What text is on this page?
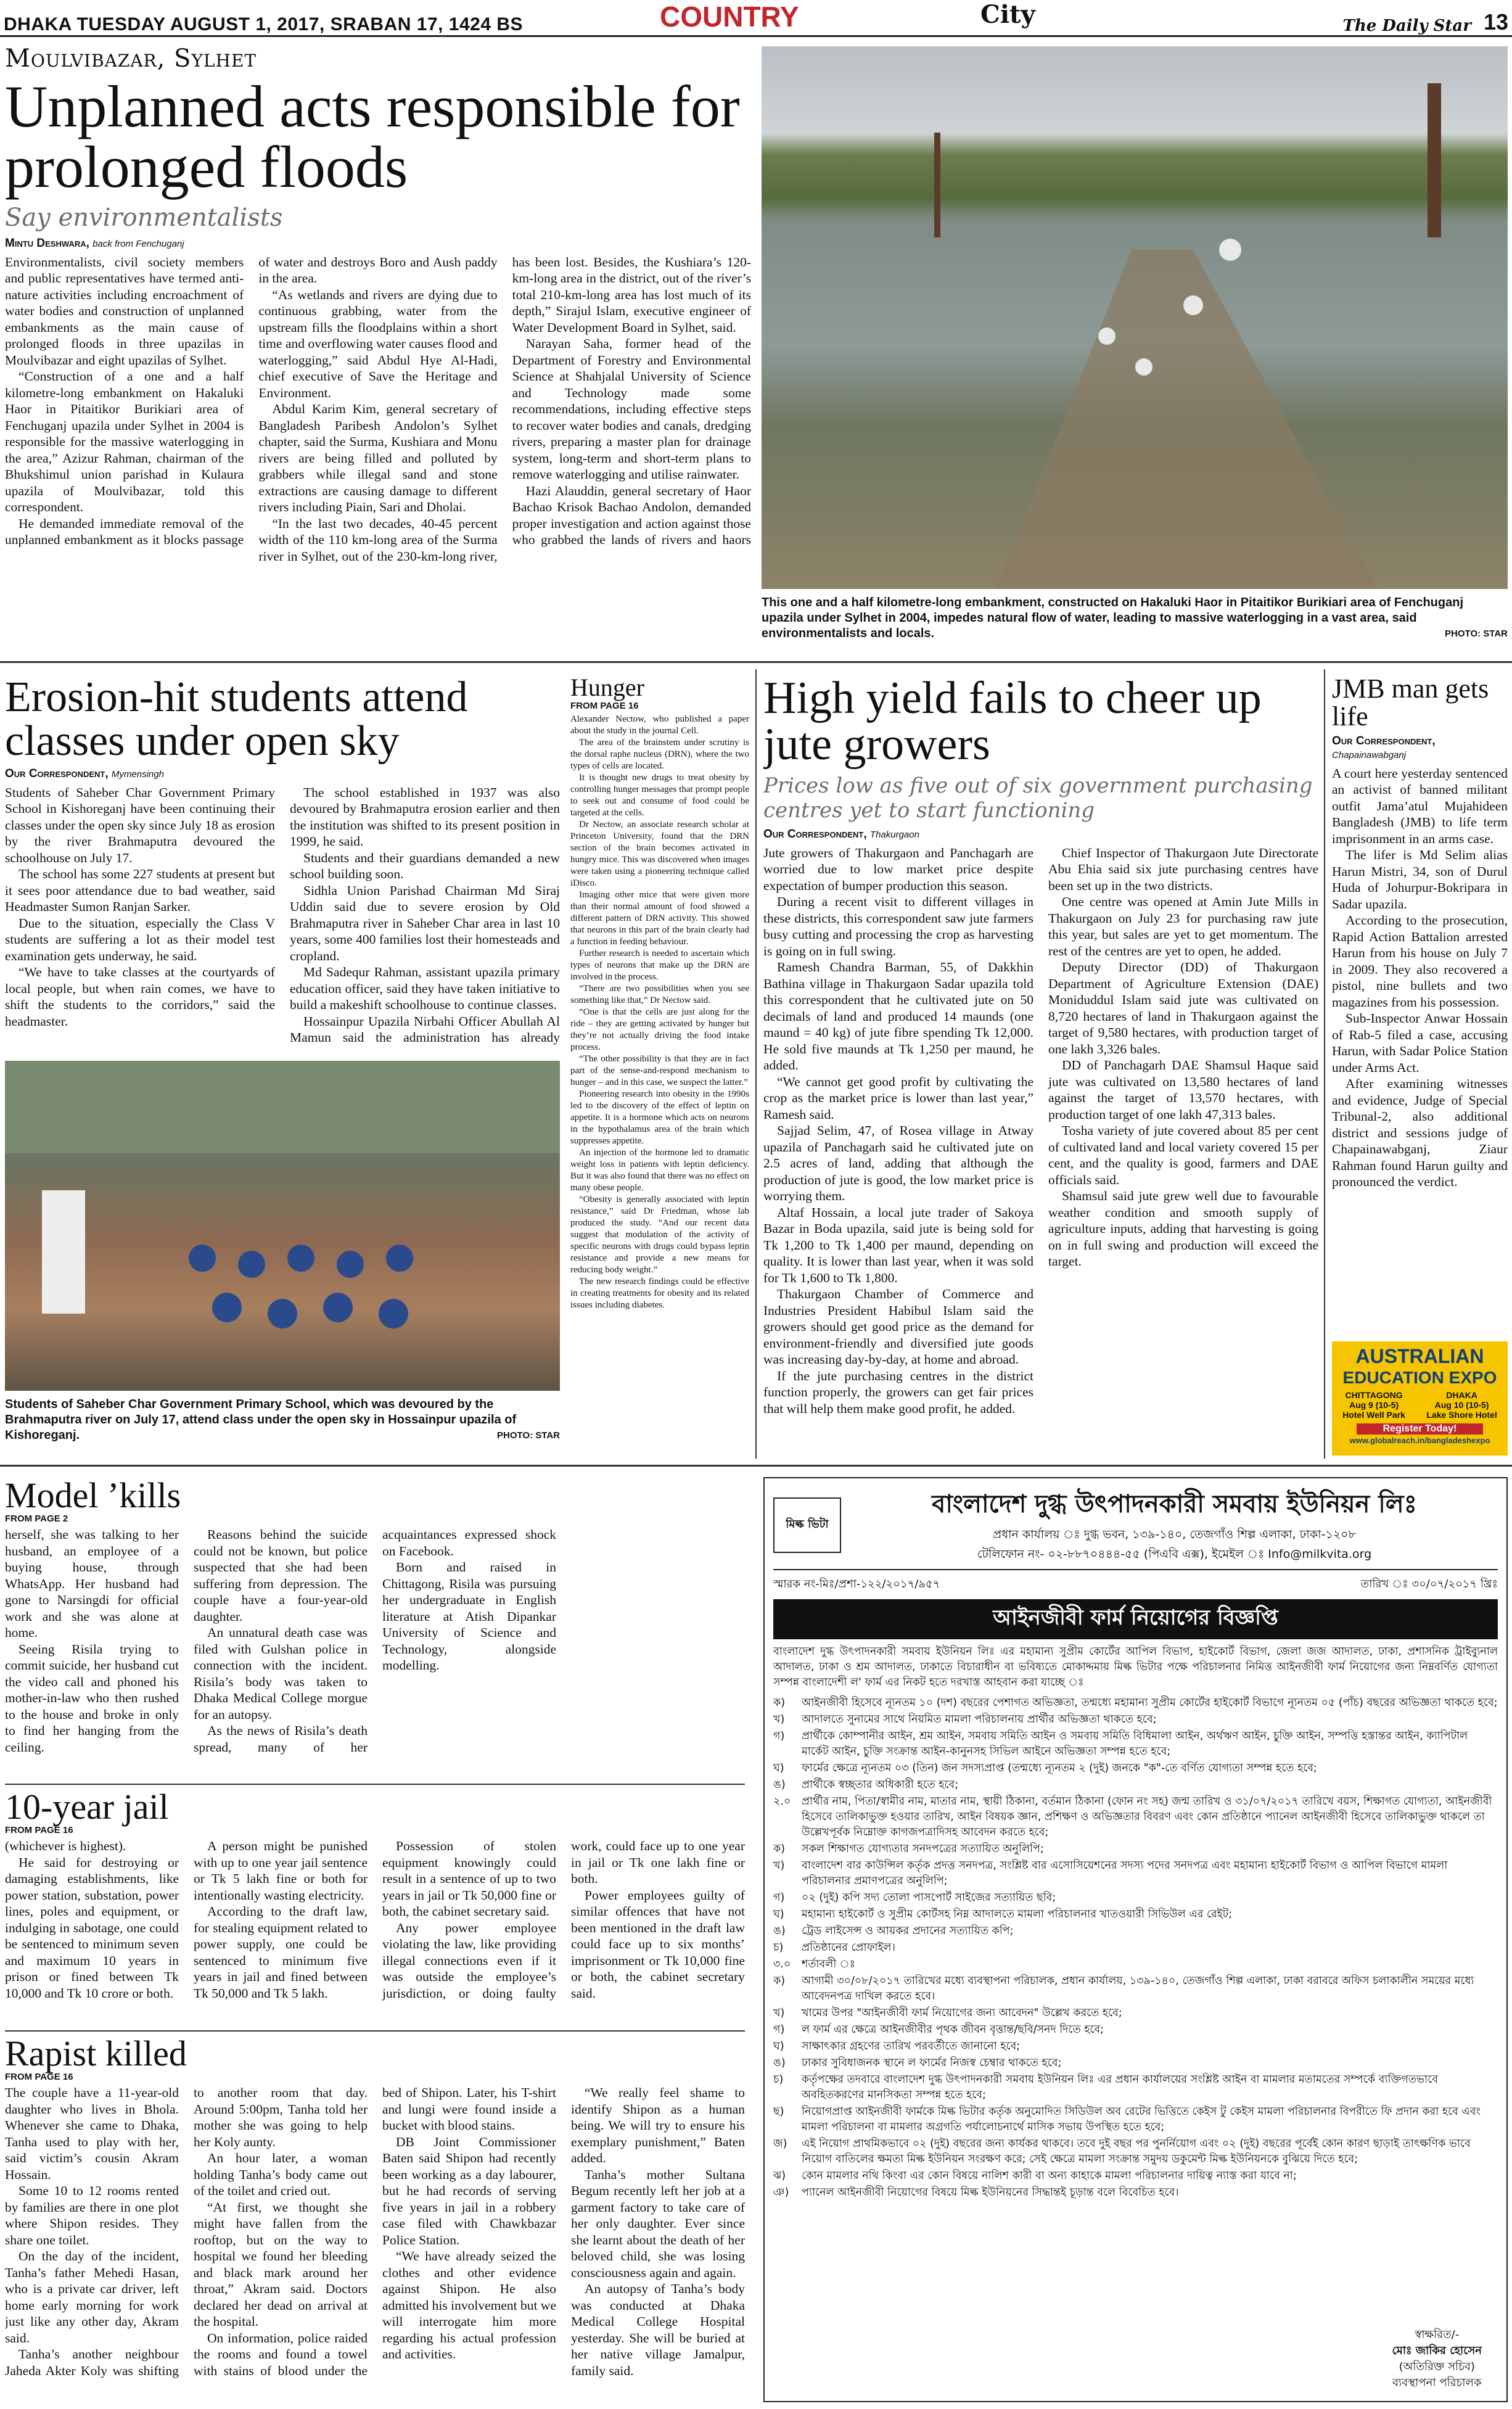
DHAKA TUESDAY AUGUST 1, 2017, SRABAN 17, 1424 BS	COUNTRY	City	The Daily Star 13
Moulvibazar, Sylhet
Unplanned acts responsible for prolonged floods
Say environmentalists
Mintu Deshwara, back from Fenchuganj

Environmentalists, civil society members and public representatives have termed anti-nature activities including encroachment of water bodies and construction of unplanned embankments as the main cause of prolonged floods in three upazilas in Moulvibazar and eight upazilas of Sylhet.

“Construction of a one and a half kilometre-long embankment on Hakaluki Haor in Pitaitikor Burikiari area of Fenchuganj upazila under Sylhet in 2004 is responsible for the massive waterlogging in the area,” Azizur Rahman, chairman of the Bhukshimul union parishad in Kulaura upazila of Moulvibazar, told this correspondent.

He demanded immediate removal of the unplanned embankment as it blocks passage of water and destroys Boro and Aush paddy in the area.

“As wetlands and rivers are dying due to continuous grabbing, water from the upstream fills the floodplains within a short time and overflowing water causes flood and waterlogging,” said Abdul Hye Al-Hadi, chief executive of Save the Heritage and Environment.

Abdul Karim Kim, general secretary of Bangladesh Paribesh Andolon’s Sylhet chapter, said the Surma, Kushiara and Monu rivers are being filled and polluted by grabbers while illegal sand and stone extractions are causing damage to different rivers including Piain, Sari and Dholai.

“In the last two decades, 40-45 percent width of the 110 km-long area of the Surma river in Sylhet, out of the 230-km-long river, has been lost. Besides, the Kushiara’s 120-km-long area in the district, out of the river’s total 210-km-long area has lost much of its depth,” Sirajul Islam, executive engineer of Water Development Board in Sylhet, said.

Narayan Saha, former head of the Department of Forestry and Environmental Science at Shahjalal University of Science and Technology made some recommendations, including effective steps to recover water bodies and canals, dredging rivers, preparing a master plan for drainage system, long-term and short-term plans to remove waterlogging and utilise rainwater.

Hazi Alauddin, general secretary of Haor Bachao Krisok Bachao Andolon, demanded proper investigation and action against those who grabbed the lands of rivers and haors

This one and a half kilometre-long embankment, constructed on Hakaluki Haor in Pitaitikor Burikiari area of Fenchuganj upazila under Sylhet in 2004, impedes natural flow of water, leading to massive waterlogging in a vast area, said environmentalists and locals.	PHOTO: STAR
Erosion-hit students attend classes under open sky
Our Correspondent, Mymensingh

Students of Saheber Char Government Primary School in Kishoreganj have been continuing their classes under the open sky since July 18 as erosion by the river Brahmaputra devoured the schoolhouse on July 17.

The school has some 227 students at present but it sees poor attendance due to bad weather, said Headmaster Sumon Ranjan Sarker.

Due to the situation, especially the Class V students are suffering a lot as their model test examination gets underway, he said.

“We have to take classes at the courtyards of local people, but when rain comes, we have to shift the students to the corridors,” said the headmaster.

The school established in 1937 was also devoured by Brahmaputra erosion earlier and then the institution was shifted to its present position in 1999, he said.

Students and their guardians demanded a new school building soon.

Sidhla Union Parishad Chairman Md Siraj Uddin said due to severe erosion by Old Brahmaputra river in Saheber Char area in last 10 years, some 400 families lost their homesteads and cropland.

Md Sadequr Rahman, assistant upazila primary education officer, said they have taken initiative to build a makeshift schoolhouse to continue classes.

Hossainpur Upazila Nirbahi Officer Abullah Al Mamun said the administration has already

Students of Saheber Char Government Primary School, which was devoured by the Brahmaputra river on July 17, attend class under the open sky in Hossainpur upazila of Kishoreganj.	PHOTO: STAR
Hunger
FROM PAGE 16

Alexander Nectow, who published a paper about the study in the journal Cell.

The area of the brainstem under scrutiny is the dorsal raphe nucleus (DRN), where the two types of cells are located.

It is thought new drugs to treat obesity by controlling hunger messages that prompt people to seek out and consume of food could be targeted at the cells.

Dr Nectow, an associate research scholar at Princeton University, found that the DRN section of the brain becomes activated in hungry mice. This was discovered when images were taken using a pioneering technique called iDisco.

Imaging other mice that were given more than their normal amount of food showed a different pattern of DRN activity. This showed that neurons in this part of the brain clearly had a function in feeding behaviour.

Further research is needed to ascertain which types of neurons that make up the DRN are involved in the process.

“There are two possibilities when you see something like that,” Dr Nectow said.

“One is that the cells are just along for the ride – they are getting activated by hunger but they’re not actually driving the food intake process.

“The other possibility is that they are in fact part of the sense-and-respond mechanism to hunger – and in this case, we suspect the latter.”

Pioneering research into obesity in the 1990s led to the discovery of the effect of leptin on appetite. It is a hormone which acts on neurons in the hypothalamus area of the brain which suppresses appetite.

An injection of the hormone led to dramatic weight loss in patients with leptin deficiency. But it was also found that there was no effect on many obese people.

“Obesity is generally associated with leptin resistance,” said Dr Friedman, whose lab produced the study. “And our recent data suggest that modulation of the activity of specific neurons with drugs could bypass leptin resistance and provide a new means for reducing body weight.”

The new research findings could be effective in creating treatments for obesity and its related issues including diabetes.

High yield fails to cheer up jute growers
Prices low as five out of six government purchasing centres yet to start functioning
Our Correspondent, Thakurgaon

Jute growers of Thakurgaon and Panchagarh are worried due to low market price despite expectation of bumper production this season.

During a recent visit to different villages in these districts, this correspondent saw jute farmers busy cutting and processing the crop as harvesting is going on in full swing.

Ramesh Chandra Barman, 55, of Dakkhin Bathina village in Thakurgaon Sadar upazila told this correspondent that he cultivated jute on 50 decimals of land and produced 14 maunds (one maund = 40 kg) of jute fibre spending Tk 12,000. He sold five maunds at Tk 1,250 per maund, he added.

“We cannot get good profit by cultivating the crop as the market price is lower than last year,” Ramesh said.

Sajjad Selim, 47, of Rosea village in Atway upazila of Panchagarh said he cultivated jute on 2.5 acres of land, adding that although the production of jute is good, the low market price is worrying them.

Altaf Hossain, a local jute trader of Sakoya Bazar in Boda upazila, said jute is being sold for Tk 1,200 to Tk 1,400 per maund, depending on quality. It is lower than last year, when it was sold for Tk 1,600 to Tk 1,800.

Thakurgaon Chamber of Commerce and Industries President Habibul Islam said the growers should get good price as the demand for environment-friendly and diversified jute goods was increasing day-by-day, at home and abroad.

If the jute purchasing centres in the district function properly, the growers can get fair prices that will help them make good profit, he added.

Chief Inspector of Thakurgaon Jute Directorate Abu Ehia said six jute purchasing centres have been set up in the two districts.

One centre was opened at Amin Jute Mills in Thakurgaon on July 23 for purchasing raw jute this year, but sales are yet to get momentum. The rest of the centres are yet to open, he added.

Deputy Director (DD) of Thakurgaon Department of Agriculture Extension (DAE) Moniduddul Islam said jute was cultivated on 8,720 hectares of land in Thakurgaon against the target of 9,580 hectares, with production target of one lakh 3,326 bales.

DD of Panchagarh DAE Shamsul Haque said jute was cultivated on 13,580 hectares of land against the target of 13,570 hectares, with production target of one lakh 47,313 bales.

Tosha variety of jute covered about 85 per cent of cultivated land and local variety covered 15 per cent, and the quality is good, farmers and DAE officials said.

Shamsul said jute grew well due to favourable weather condition and smooth supply of agriculture inputs, adding that harvesting is going on in full swing and production will exceed the target.

JMB man gets life
Our Correspondent,
Chapainawabganj

A court here yesterday sentenced an activist of banned militant outfit Jama’atul Mujahideen Bangladesh (JMB) to life term imprisonment in an arms case.

The lifer is Md Selim alias Harun Mistri, 34, son of Durul Huda of Johurpur-Bokripara in Sadar upazila.

According to the prosecution, Rapid Action Battalion arrested Harun from his house on July 7 in 2009. They also recovered a pistol, nine bullets and two magazines from his possession.

Sub-Inspector Anwar Hossain of Rab-5 filed a case, accusing Harun, with Sadar Police Station under Arms Act.

After examining witnesses and evidence, Judge of Special Tribunal-2, also additional district and sessions judge of Chapainawabganj, Ziaur Rahman found Harun guilty and pronounced the verdict.

AUSTRALIAN
EDUCATION EXPO
CHITTAGONG
Aug 9 (10-5)
Hotel Well Park
DHAKA
Aug 10 (10-5)
Lake Shore Hotel
Register Today!
www.globalreach.in/bangladeshexpo
Model ’kills
FROM PAGE 2

herself, she was talking to her husband, an employee of a buying house, through WhatsApp. Her husband had gone to Narsingdi for official work and she was alone at home.

Seeing Risila trying to commit suicide, her husband cut the video call and phoned his mother-in-law who then rushed to the house and broke in only to find her hanging from the ceiling.

Reasons behind the suicide could not be known, but police suspected that she had been suffering from depression. The couple have a four-year-old daughter.

An unnatural death case was filed with Gulshan police in connection with the incident. Risila’s body was taken to Dhaka Medical College morgue for an autopsy.

As the news of Risila’s death spread, many of her acquaintances expressed shock on Facebook.

Born and raised in Chittagong, Risila was pursuing her undergraduate in English literature at Atish Dipankar University of Science and Technology, alongside modelling.

10-year jail
FROM PAGE 16

(whichever is highest).

He said for destroying or damaging establishments, like power station, substation, power lines, poles and equipment, or indulging in sabotage, one could be sentenced to minimum seven and maximum 10 years in prison or fined between Tk 10,000 and Tk 10 crore or both.

A person might be punished with up to one year jail sentence or Tk 5 lakh fine or both for intentionally wasting electricity.

According to the draft law, for stealing equipment related to power supply, one could be sentenced to minimum five years in jail and fined between Tk 50,000 and Tk 5 lakh.

Possession of stolen equipment knowingly could result in a sentence of up to two years in jail or Tk 50,000 fine or both, the cabinet secretary said.

Any power employee violating the law, like providing illegal connections even if it was outside the employee’s jurisdiction, or doing faulty work, could face up to one year in jail or Tk one lakh fine or both.

Power employees guilty of similar offences that have not been mentioned in the draft law could face up to six months’ imprisonment or Tk 10,000 fine or both, the cabinet secretary said.

Rapist killed
FROM PAGE 16

The couple have a 11-year-old daughter who lives in Bhola. Whenever she came to Dhaka, Tanha used to play with her, said victim’s cousin Akram Hossain.

Some 10 to 12 rooms rented by families are there in one plot where Shipon resides. They share one toilet.

On the day of the incident, Tanha’s father Mehedi Hasan, who is a private car driver, left home early morning for work just like any other day, Akram said.

Tanha’s another neighbour Jaheda Akter Koly was shifting to another room that day. Around 5:00pm, Tanha told her mother she was going to help her Koly aunty.

An hour later, a woman holding Tanha’s body came out of the toilet and cried out.

“At first, we thought she might have fallen from the rooftop, but on the way to hospital we found her bleeding and black mark around her throat,” Akram said. Doctors declared her dead on arrival at the hospital.

On information, police raided the rooms and found a towel with stains of blood under the bed of Shipon. Later, his T-shirt and lungi were found inside a bucket with blood stains.

DB Joint Commissioner Baten said Shipon had recently been working as a day labourer, but he had records of serving five years in jail in a robbery case filed with Chawkbazar Police Station.

“We have already seized the clothes and other evidence against Shipon. He also admitted his involvement but we will interrogate him more regarding his actual profession and activities.

“We really feel shame to identify Shipon as a human being. We will try to ensure his exemplary punishment,” Baten added.

Tanha’s mother Sultana Begum recently left her job at a garment factory to take care of her only daughter. Ever since she learnt about the death of her beloved child, she was losing consciousness again and again.

An autopsy of Tanha’s body was conducted at Dhaka Medical College Hospital yesterday. She will be buried at her native village Jamalpur, family said.

মিল্ক ভিটা
বাংলাদেশ দুগ্ধ উৎপাদনকারী সমবায় ইউনিয়ন লিঃ
প্রধান কার্যালয় ঃ দুগ্ধ ভবন, ১৩৯-১৪০, তেজগাঁও শিল্প এলাকা, ঢাকা-১২০৮
টেলিফোন নং- ০২-৮৮৭০৪৪৪-৫৫ (পিএবি এক্স), ইমেইল ঃ Info@milkvita.org
স্মারক নং-মিঃ/প্রশা-১২২/২০১৭/৯৫৭	তারিখ ঃ ৩০/০৭/২০১৭ খ্রিঃ
আইনজীবী ফার্ম নিয়োগের বিজ্ঞপ্তি
বাংলাদেশ দুগ্ধ উৎপাদনকারী সমবায় ইউনিয়ন লিঃ এর মহামান্য সুপ্রীম কোর্টের আপিল বিভাগ, হাইকোর্ট বিভাগ, জেলা জজ আদালত, ঢাকা, প্রশাসনিক ট্রাইব্যুনাল আদালত, ঢাকা ও শ্রম আদালত, ঢাকাতে বিচারাধীন বা ভবিষ্যতে মোকাদ্দমায় মিল্ক ভিটার পক্ষে পরিচালনার নিমিত্ত আইনজীবী ফার্ম নিয়োগের জন্য নিম্নবর্ণিত যোগ্যতা সম্পন্ন বাংলাদেশী ল' ফার্ম এর নিকট হতে দরখাস্ত আহবান করা যাচ্ছে ঃ
ক)	আইনজীবী হিসেবে ন্যূনতম ১০ (দশ) বছরের পেশাগত অভিজ্ঞতা, তন্মধ্যে মহামান্য সুপ্রীম কোর্টের হাইকোর্ট বিভাগে ন্যূনতম ০৫ (পাঁচ) বছরের অভিজ্ঞতা থাকতে হবে;
খ)	আদালতে সুনামের সাথে নিয়মিত মামলা পরিচালনায় প্রার্থীর অভিজ্ঞতা থাকতে হবে;
গ)	প্রার্থীকে কোম্পানীর আইন, শ্রম আইন, সমবায় সমিতি আইন ও সমবায় সমিতি বিধিমালা আইন, অর্থঋণ আইন, চুক্তি আইন, সম্পত্তি হস্তান্তর আইন, ক্যাপিটাল মার্কেট আইন, চুক্তি সংক্রান্ত আইন-কানুনসহ সিভিল আইনে অভিজ্ঞতা সম্পন্ন হতে হবে;
ঘ)	ফার্মের ক্ষেত্রে ন্যূনতম ০৩ (তিন) জন সদস্যপ্রাপ্ত (তন্মধ্যে ন্যূনতম ২ (দুই) জনকে "ক"-তে বর্ণিত যোগ্যতা সম্পন্ন হতে হবে;
ঙ)	প্রার্থীকে স্বচ্ছতার অধিকারী হতে হবে;
২.০	প্রার্থীর নাম, পিতা/স্বামীর নাম, মাতার নাম, স্থায়ী ঠিকানা, বর্তমান ঠিকানা (ফোন নং সহ) জন্ম তারিখ ও ৩১/০৭/২০১৭ তারিখে বয়স, শিক্ষাগত যোগ্যতা, আইনজীবী হিসেবে তালিকাভুক্ত হওয়ার তারিখ, আইন বিষয়ক জ্ঞান, প্রশিক্ষণ ও অভিজ্ঞতার বিবরণ এবং কোন প্রতিষ্ঠানে প্যানেল আইনজীবী হিসেবে তালিকাভুক্ত থাকলে তা উল্লেখপূর্বক নিম্নোক্ত কাগজপত্রাদিসহ আবেদন করতে হবে;
ক)	সকল শিক্ষাগত যোগ্যতার সনদপত্রের সত্যায়িত অনুলিপি;
খ)	বাংলাদেশ বার কাউন্সিল কর্তৃক প্রদত্ত সনদপত্র, সংশ্লিষ্ট বার এসোসিয়েশনের সদস্য পদের সনদপত্র এবং মহামান্য হাইকোর্ট বিভাগ ও আপিল বিভাগে মামলা পরিচালনার প্রমাণপত্রের অনুলিপি;
গ)	০২ (দুই) কপি সদ্য তোলা পাসপোর্ট সাইজের সত্যায়িত ছবি;
ঘ)	মহামান্য হাইকোর্ট ও সুপ্রীম কোর্টসহ নিম্ন আদালতে মামলা পরিচালনার খাতওয়ারী সিভিউল এর রেইট;
ঙ)	ট্রেড লাইসেন্স ও আয়কর প্রদানের সত্যায়িত কপি;
চ)	প্রতিষ্ঠানের প্রোফাইল।
৩.০	শর্তাবলী ঃ
ক)	আগামী ৩০/০৮/২০১৭ তারিখের মধ্যে ব্যবস্থাপনা পরিচালক, প্রধান কার্যালয়, ১৩৯-১৪০, তেজগাঁও শিল্প এলাকা, ঢাকা বরাবরে অফিস চলাকালীন সময়ের মধ্যে আবেদনপত্র দাখিল করতে হবে।
খ)	খামের উপর "আইনজীবী ফার্ম নিয়োগের জন্য আবেদন" উল্লেখ করতে হবে;
গ)	ল ফার্ম এর ক্ষেত্রে আইনজীবীর পৃথক জীবন বৃত্তান্ত/ছবি/সনদ দিতে হবে;
ঘ)	সাক্ষাৎকার গ্রহণের তারিখ পরবর্তীতে জানানো হবে;
ঙ)	ঢাকার সুবিধাজনক স্থানে ল ফার্মের নিজস্ব চেম্বার থাকতে হবে;
চ)	কর্তৃপক্ষের তদবারে বাংলাদেশ দুগ্ধ উৎপাদনকারী সমবায় ইউনিয়ন লিঃ এর প্রধান কার্যালয়ের সংশ্লিষ্ট আইন বা মামলার মতামতের সম্পর্কে ব্যক্তিগতভাবে অবহিতকরণের মানসিকতা সম্পন্ন হতে হবে;
ছ)	নিয়োগপ্রাপ্ত আইনজীবী ফার্মকে মিল্ক ভিটার কর্তৃক অনুমোদিত সিডিউল অব রেটের ভিত্তিতে কেইস টু কেইস মামলা পরিচালনার বিপরীতে ফি প্রদান করা হবে এবং মামলা পরিচালনা বা মামলার অগ্রগতি পর্যালোচনার্থে মাসিক সভায় উপস্থিত হতে হবে;
জ)	এই নিয়োগ প্রাথমিকভাবে ০২ (দুই) বছরের জন্য কার্যকর থাকবে। তবে দুই বছর পর পুনর্নিয়োগ এবং ০২ (দুই) বছরের পূর্বেই কোন কারণ ছাড়াই তাৎক্ষণিক ভাবে নিয়োগ বাতিলের ক্ষমতা মিল্ক ইউনিয়ন সংরক্ষণ করে; সেই ক্ষেত্রে মামলা সংক্রান্ত সমুদয় ডকুমেন্ট মিল্ক ইউনিয়নকে বুঝিয়ে দিতে হবে;
ঝ)	কোন মামলার নথি কিংবা এর কোন বিষয়ে নালিশ কারী বা অন্য কাহাকে মামলা পরিচালনার দায়িত্ব ন্যাস্ত করা যাবে না;
ঞ)	প্যানেল আইনজীবী নিয়োগের বিষয়ে মিল্ক ইউনিয়নের সিদ্ধান্তই চূড়ান্ত বলে বিবেচিত হবে।
স্বাক্ষরিত/-
মোঃ জাকির হোসেন
(অতিরিক্ত সচিব)
ব্যবস্থাপনা পরিচালক
